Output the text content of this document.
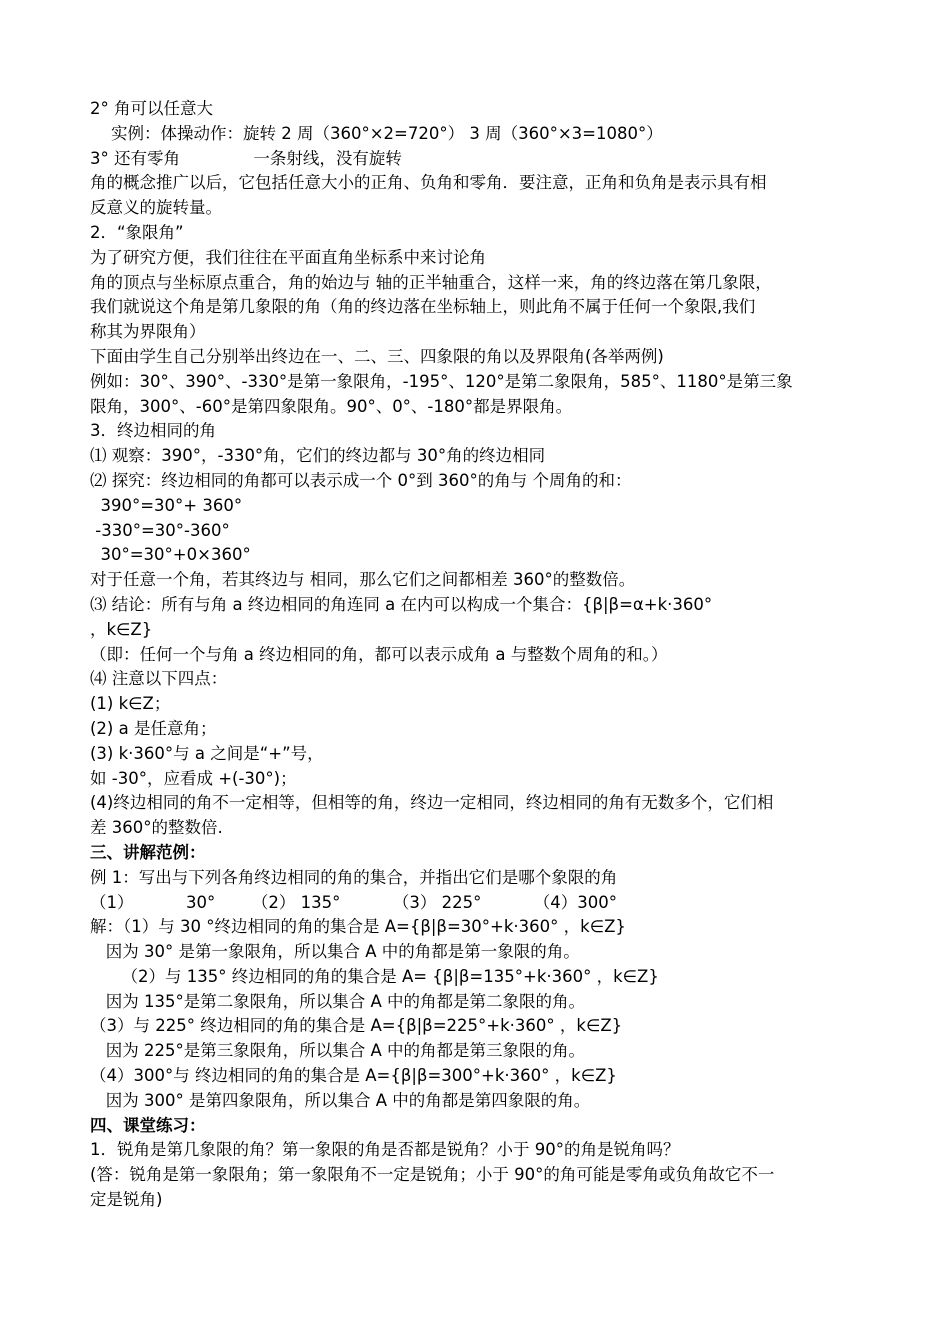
2° 角可以任意大
实例：体操动作：旋转 2 周（360°×2=720°） 3 周（360°×3=1080°）
3° 还有零角              一条射线，没有旋转
角的概念推广以后，它包括任意大小的正角、负角和零角．要注意，正角和负角是表示具有相
反意义的旋转量。
2．“象限角”
为了研究方便，我们往往在平面直角坐标系中来讨论角
角的顶点与坐标原点重合，角的始边与 轴的正半轴重合，这样一来，角的终边落在第几象限，
我们就说这个角是第几象限的角（角的终边落在坐标轴上，则此角不属于任何一个象限,我们
称其为界限角）
下面由学生自己分别举出终边在一、二、三、四象限的角以及界限角(各举两例)
例如：30°、390°、-330°是第一象限角，-195°、120°是第二象限角，585°、1180°是第三象
限角，300°、-60°是第四象限角。90°、0°、-180°都是界限角。
3．终边相同的角
⑴ 观察：390°，-330°角，它们的终边都与 30°角的终边相同
⑵ 探究：终边相同的角都可以表示成一个 0°到 360°的角与 个周角的和：
390°=30°+ 360°
-330°=30°-360°
30°=30°+0×360°
对于任意一个角，若其终边与 相同，那么它们之间都相差 360°的整数倍。
⑶ 结论：所有与角 a 终边相同的角连同 a 在内可以构成一个集合：{β|β=α+k·360°
，k∈Z}
（即：任何一个与角 a 终边相同的角，都可以表示成角 a 与整数个周角的和。）
⑷ 注意以下四点：
(1) k∈Z；
(2) a 是任意角；
(3) k·360°与 a 之间是“+”号，
如 -30°，应看成 +(-30°)；
(4)终边相同的角不一定相等，但相等的角，终边一定相同，终边相同的角有无数多个，它们相
差 360°的整数倍.
三、讲解范例：
例 1：写出与下列各角终边相同的角的集合，并指出它们是哪个象限的角
（1）          30°       （2） 135°          （3） 225°          （4）300°
解：（1）与 30 °终边相同的角的集合是 A={β|β=30°+k·360° ，k∈Z}
因为 30° 是第一象限角，所以集合 A 中的角都是第一象限的角。
（2）与 135° 终边相同的角的集合是 A= {β|β=135°+k·360° ，k∈Z}
因为 135°是第二象限角，所以集合 A 中的角都是第二象限的角。
（3）与 225° 终边相同的角的集合是 A={β|β=225°+k·360° ，k∈Z}
因为 225°是第三象限角，所以集合 A 中的角都是第三象限的角。
（4）300°与 终边相同的角的集合是 A={β|β=300°+k·360° ，k∈Z}
因为 300° 是第四象限角，所以集合 A 中的角都是第四象限的角。
四、课堂练习：
1．锐角是第几象限的角？第一象限的角是否都是锐角？小于 90°的角是锐角吗？
(答：锐角是第一象限角；第一象限角不一定是锐角；小于 90°的角可能是零角或负角故它不一
定是锐角)
